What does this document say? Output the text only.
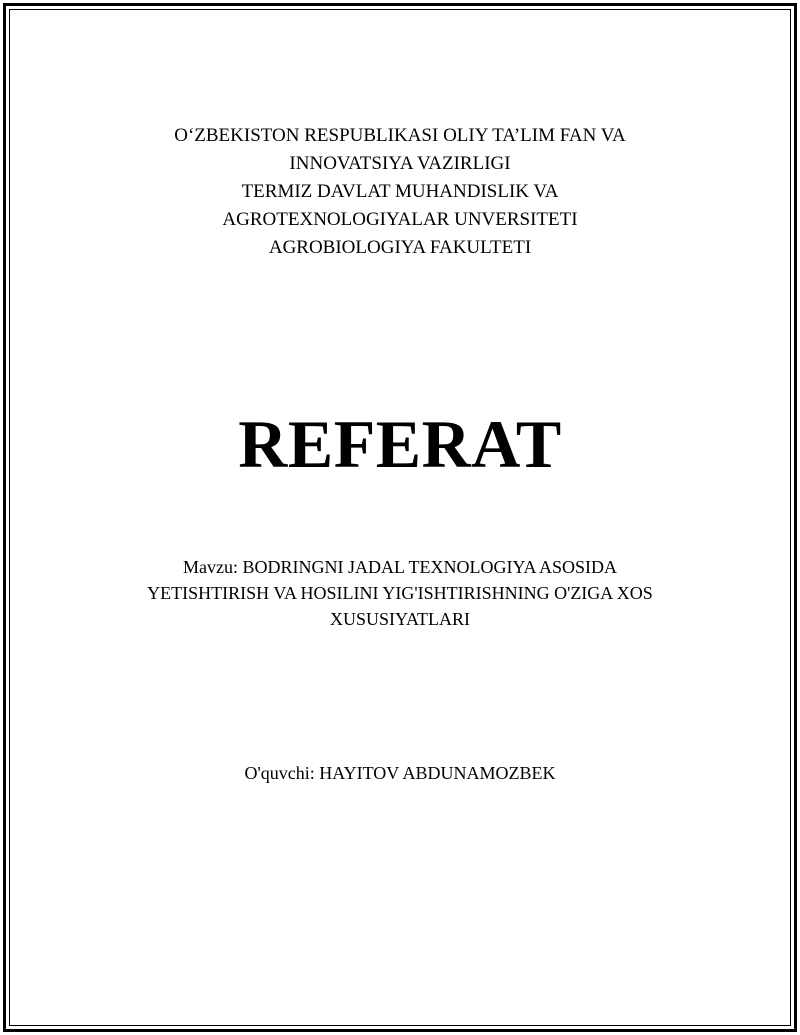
O‘ZBEKISTON RESPUBLIKASI OLIY TA’LIM FAN VA
INNOVATSIYA VAZIRLIGI
TERMIZ DAVLAT MUHANDISLIK VA
AGROTEXNOLOGIYALAR UNVERSITETI
AGROBIOLOGIYA FAKULTETI
REFERAT
Mavzu: BODRINGNI JADAL TEXNOLOGIYA ASOSIDA
YETISHTIRISH VA HOSILINI YIG'ISHTIRISHNING O'ZIGA XOS
XUSUSIYATLARI
O'quvchi: HAYITOV ABDUNAMOZBEK
